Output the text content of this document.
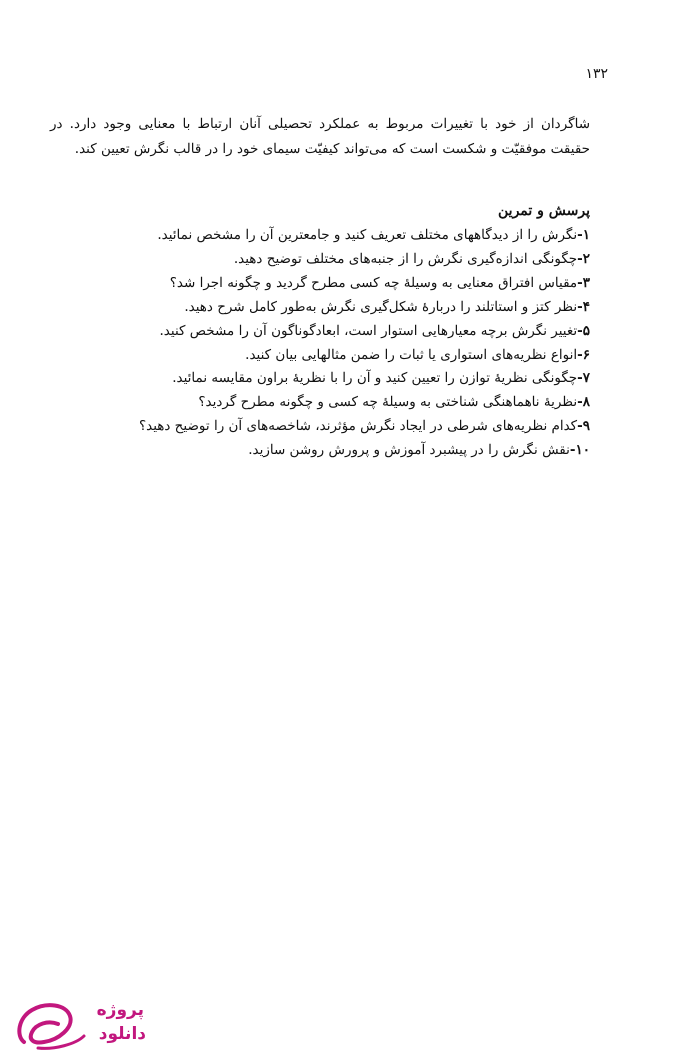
۱۳۲

شاگردان از خود با تغییرات مربوط به عملکرد تحصیلی آنان ارتباط با معنایی وجود دارد. در حقیقت موفقیّت و شکست است که می‌تواند کیفیّت سیمای خود را در قالب نگرش تعیین کند.

پرسش و تمرین
۱-نگرش را از دیدگاههای مختلف تعریف کنید و جامعترین آن را مشخص نمائید.
۲-چگونگی اندازه‌گیری نگرش را از جنبه‌های مختلف توضیح دهید.
۳-مقیاس افتراق معنایی به وسیلهٔ چه کسی مطرح گردید و چگونه اجرا شد؟
۴-نظر کتز و استاتلند را دربارهٔ شکل‌گیری نگرش به‌طور کامل شرح دهید.
۵-تغییر نگرش برچه معیارهایی استوار است، ابعادگوناگون آن را مشخص کنید.
۶-انواع نظریه‌های استواری یا ثبات را ضمن مثالهایی بیان کنید.
۷-چگونگی نظریهٔ توازن را تعیین کنید و آن را با نظریهٔ براون مقایسه نمائید.
۸-نظریهٔ ناهماهنگی شناختی به وسیلهٔ چه کسی و چگونه مطرح گردید؟
۹-کدام نظریه‌های شرطی در ایجاد نگرش مؤثرند، شاخصه‌های آن را توضیح دهید؟
۱۰-نقش نگرش را در پیشبرد آموزش و پرورش روشن سازید.
پروژه
دانلود
